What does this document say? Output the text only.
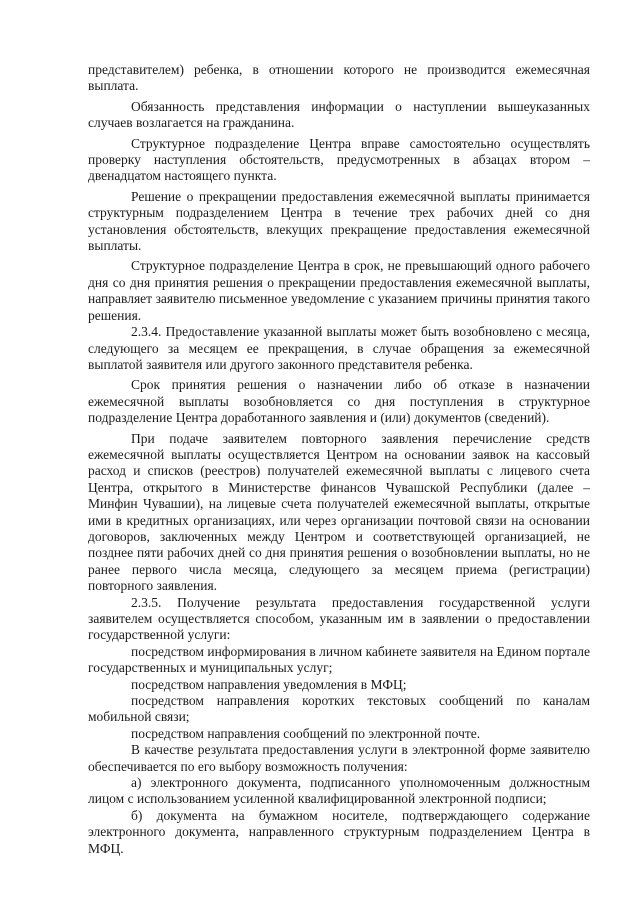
представителем) ребенка, в отношении которого не производится ежемесячная выплата.

Обязанность представления информации о наступлении вышеуказанных случаев возлагается на гражданина.

Структурное подразделение Центра вправе самостоятельно осуществлять проверку наступления обстоятельств, предусмотренных в абзацах втором – двенадцатом настоящего пункта.

Решение о прекращении предоставления ежемесячной выплаты принимается структурным подразделением Центра в течение трех рабочих дней со дня установления обстоятельств, влекущих прекращение предоставления ежемесячной выплаты.

Структурное подразделение Центра в срок, не превышающий одного рабочего дня со дня принятия решения о прекращении предоставления ежемесячной выплаты, направляет заявителю письменное уведомление с указанием причины принятия такого решения.

2.3.4. Предоставление указанной выплаты может быть возобновлено с месяца, следующего за месяцем ее прекращения, в случае обращения за ежемесячной выплатой заявителя или другого законного представителя ребенка.

Срок принятия решения о назначении либо об отказе в назначении ежемесячной выплаты возобновляется со дня поступления в структурное подразделение Центра доработанного заявления и (или) документов (сведений).

При подаче заявителем повторного заявления перечисление средств ежемесячной выплаты осуществляется Центром на основании заявок на кассовый расход и списков (реестров) получателей ежемесячной выплаты с лицевого счета Центра, открытого в Министерстве финансов Чувашской Республики (далее – Минфин Чувашии), на лицевые счета получателей ежемесячной выплаты, открытые ими в кредитных организациях, или через организации почтовой связи на основании договоров, заключенных между Центром и соответствующей организацией, не позднее пяти рабочих дней со дня принятия решения о возобновлении выплаты, но не ранее первого числа месяца, следующего за месяцем приема (регистрации) повторного заявления.

2.3.5. Получение результата предоставления государственной услуги заявителем осуществляется способом, указанным им в заявлении о предоставлении государственной услуги:

посредством информирования в личном кабинете заявителя на Едином портале государственных и муниципальных услуг;

посредством направления уведомления в МФЦ;

посредством направления коротких текстовых сообщений по каналам мобильной связи;

посредством направления сообщений по электронной почте.

В качестве результата предоставления услуги в электронной форме заявителю обеспечивается по его выбору возможность получения:

а) электронного документа, подписанного уполномоченным должностным лицом с использованием усиленной квалифицированной электронной подписи;

б) документа на бумажном носителе, подтверждающего содержание электронного документа, направленного структурным подразделением Центра в МФЦ.
